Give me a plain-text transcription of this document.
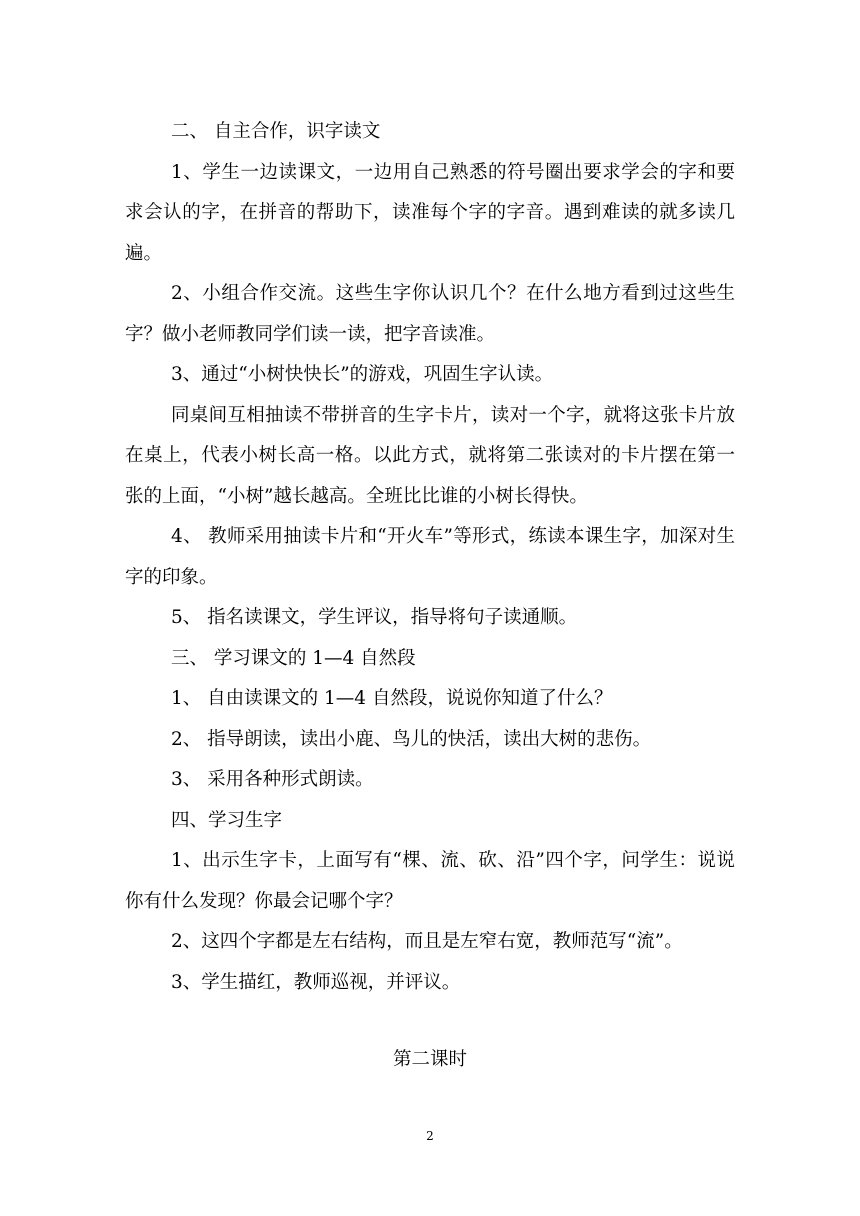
二、 自主合作，识字读文

1、学生一边读课文，一边用自己熟悉的符号圈出要求学会的字和要求会认的字，在拼音的帮助下，读准每个字的字音。遇到难读的就多读几遍。

2、小组合作交流。这些生字你认识几个？在什么地方看到过这些生字？做小老师教同学们读一读，把字音读准。

3、通过“小树快快长”的游戏，巩固生字认读。

同桌间互相抽读不带拼音的生字卡片，读对一个字，就将这张卡片放在桌上，代表小树长高一格。以此方式，就将第二张读对的卡片摆在第一张的上面，“小树”越长越高。全班比比谁的小树长得快。

4、 教师采用抽读卡片和“开火车”等形式，练读本课生字，加深对生字的印象。

5、 指名读课文，学生评议，指导将句子读通顺。

三、 学习课文的 1—4 自然段

1、 自由读课文的 1—4 自然段，说说你知道了什么？

2、 指导朗读，读出小鹿、鸟儿的快活，读出大树的悲伤。

3、 采用各种形式朗读。

四、学习生字

1、出示生字卡，上面写有“棵、流、砍、沿”四个字，问学生：说说你有什么发现？你最会记哪个字？

2、这四个字都是左右结构，而且是左窄右宽，教师范写“流”。

3、学生描红，教师巡视，并评议。

第二课时
2
